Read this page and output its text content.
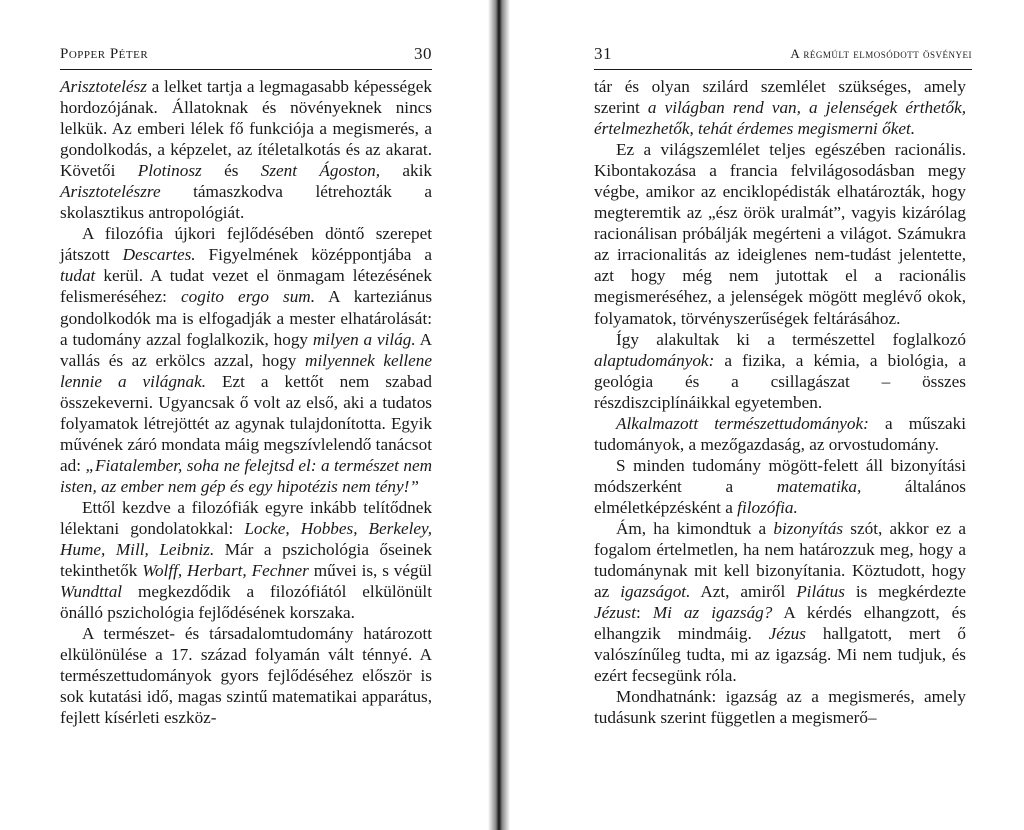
Popper Péter	30

Arisztotelész a lelket tartja a legmagasabb képességek hordozójának. Állatoknak és növényeknek nincs lelkük. Az emberi lélek fő funkciója a megismerés, a gondolkodás, a képzelet, az ítéletalkotás és az akarat. Követői Plotinosz és Szent Ágoston, akik Arisztotelészre támaszkodva létrehozták a skolasztikus antropológiát.

A filozófia újkori fejlődésében döntő szerepet játszott Descartes. Figyelmének középpontjába a tudat kerül. A tudat vezet el önmagam létezésének felismeréséhez: cogito ergo sum. A karteziánus gondolkodók ma is elfogadják a mester elhatárolását: a tudomány azzal foglalkozik, hogy milyen a világ. A vallás és az erkölcs azzal, hogy milyennek kellene lennie a világnak. Ezt a kettőt nem szabad összekeverni. Ugyancsak ő volt az első, aki a tudatos folyamatok létrejöttét az agynak tulajdonította. Egyik művének záró mondata máig megszívlelendő tanácsot ad: „Fiatalember, soha ne felejtsd el: a természet nem isten, az ember nem gép és egy hipotézis nem tény!”

Ettől kezdve a filozófiák egyre inkább telítődnek lélektani gondolatokkal: Locke, Hobbes, Berkeley, Hume, Mill, Leibniz. Már a pszichológia őseinek tekinthetők Wolff, Herbart, Fechner művei is, s végül Wundttal megkezdődik a filozófiától elkülönült önálló pszichológia fejlődésének korszaka.

A természet- és társadalomtudomány határozott elkülönülése a 17. század folyamán vált ténnyé. A természettudományok gyors fejlődéséhez először is sok kutatási idő, magas szintű matematikai apparátus, fejlett kísérleti eszköz-

31	A régmúlt elmosódott ösvényei

tár és olyan szilárd szemlélet szükséges, amely szerint a világban rend van, a jelenségek érthetők, értelmezhetők, tehát érdemes megismerni őket.

Ez a világszemlélet teljes egészében racionális. Kibontakozása a francia felvilágosodásban megy végbe, amikor az enciklopédisták elhatározták, hogy megteremtik az „ész örök uralmát”, vagyis kizárólag racionálisan próbálják megérteni a világot. Számukra az irracionalitás az ideiglenes nem-tudást jelentette, azt hogy még nem jutottak el a racionális megismeréséhez, a jelenségek mögött meglévő okok, folyamatok, törvényszerűségek feltárásához.

Így alakultak ki a természettel foglalkozó alaptudományok: a fizika, a kémia, a biológia, a geológia és a csillagászat – összes részdiszciplínáikkal egyetemben.

Alkalmazott természettudományok: a műszaki tudományok, a mezőgazdaság, az orvostudomány.

S minden tudomány mögött-felett áll bizonyítási módszerként a matematika, általános elméletképzésként a filozófia.

Ám, ha kimondtuk a bizonyítás szót, akkor ez a fogalom értelmetlen, ha nem határozzuk meg, hogy a tudománynak mit kell bizonyítania. Köztudott, hogy az igazságot. Azt, amiről Pilátus is megkérdezte Jézust: Mi az igazság? A kérdés elhangzott, és elhangzik mindmáig. Jézus hallgatott, mert ő valószínűleg tudta, mi az igazság. Mi nem tudjuk, és ezért fecsegünk róla.

Mondhatnánk: igazság az a megismerés, amely tudásunk szerint független a megismerő–
